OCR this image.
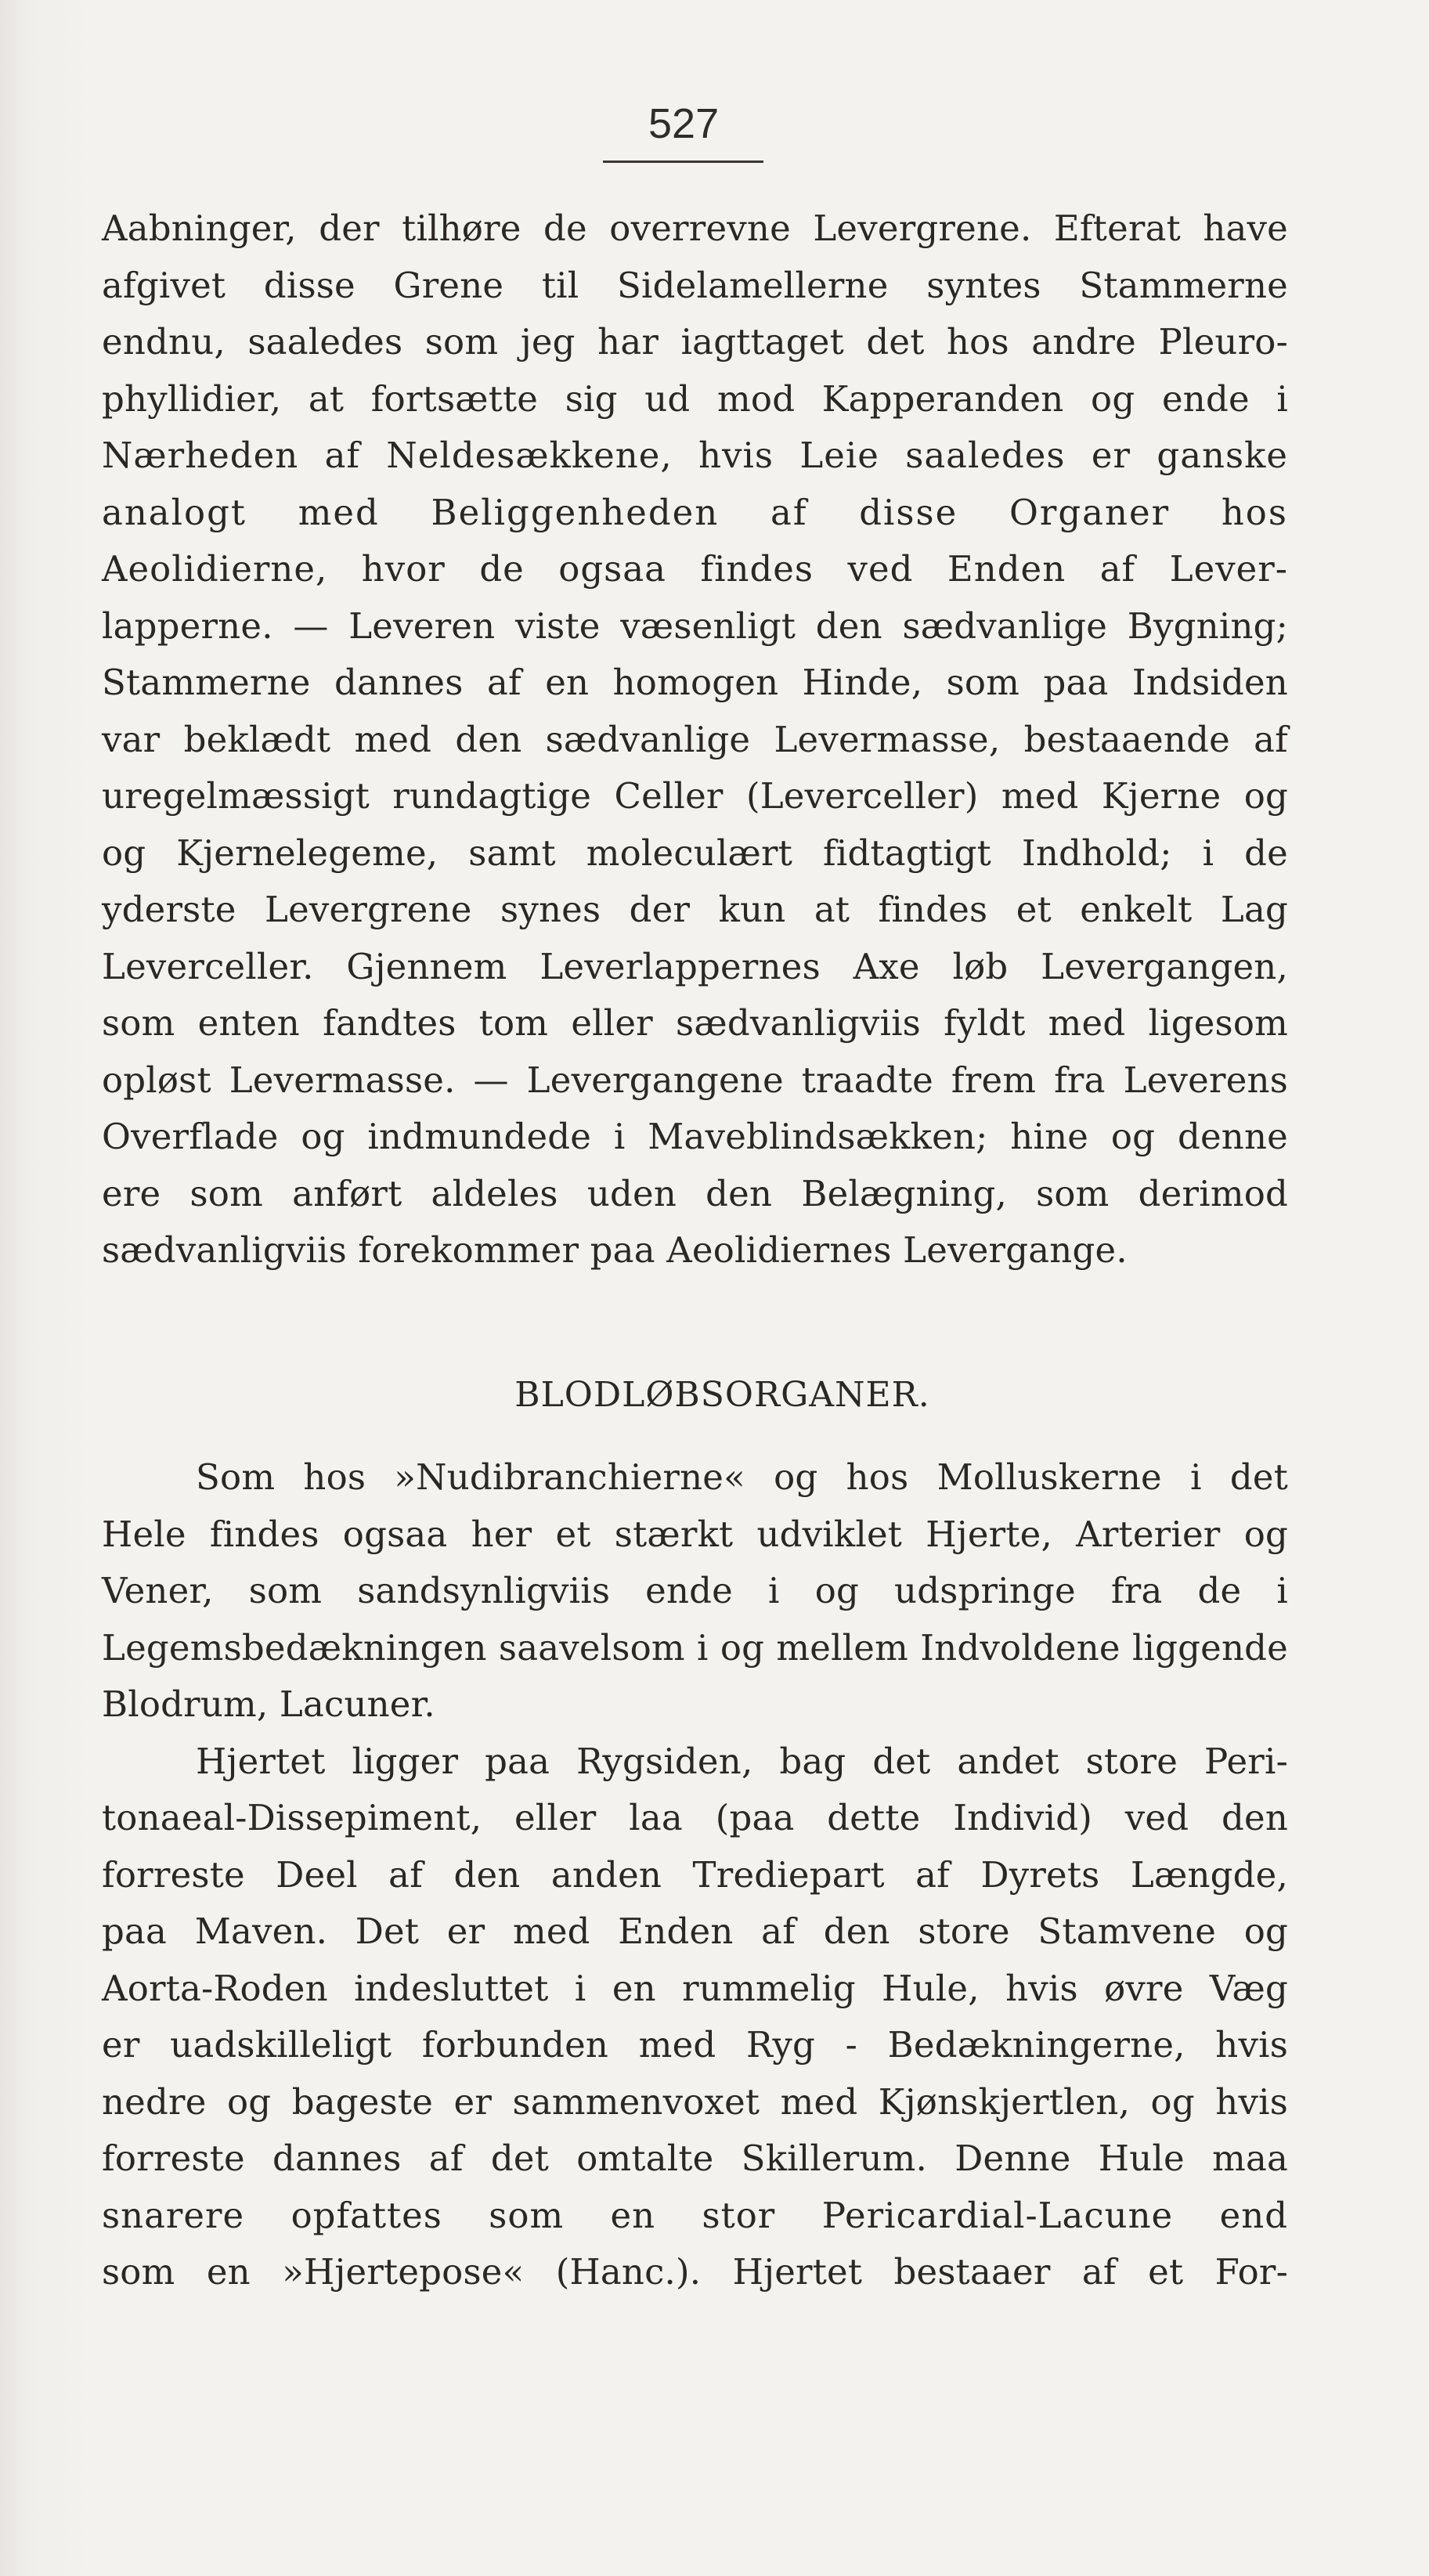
527
Aabninger, der tilhøre de overrevne Levergrene. Efterat have
afgivet disse Grene til Sidelamellerne syntes Stammerne
endnu, saaledes som jeg har iagttaget det hos andre Pleuro-
phyllidier, at fortsætte sig ud mod Kapperanden og ende i
Nærheden af Neldesækkene, hvis Leie saaledes er ganske
analogt med Beliggenheden af disse Organer hos
Aeolidierne, hvor de ogsaa findes ved Enden af Lever-
lapperne. — Leveren viste væsenligt den sædvanlige Bygning;
Stammerne dannes af en homogen Hinde, som paa Indsiden
var beklædt med den sædvanlige Levermasse, bestaaende af
uregelmæssigt rundagtige Celler (Leverceller) med Kjerne og
og Kjernelegeme, samt moleculært fidtagtigt Indhold; i de
yderste Levergrene synes der kun at findes et enkelt Lag
Leverceller. Gjennem Leverlappernes Axe løb Levergangen,
som enten fandtes tom eller sædvanligviis fyldt med ligesom
opløst Levermasse. — Levergangene traadte frem fra Leverens
Overflade og indmundede i Maveblindsækken; hine og denne
ere som anført aldeles uden den Belægning, som derimod
sædvanligviis forekommer paa Aeolidiernes Levergange.
BLODLØBSORGANER.
Som hos »Nudibranchierne« og hos Molluskerne i det
Hele findes ogsaa her et stærkt udviklet Hjerte, Arterier og
Vener, som sandsynligviis ende i og udspringe fra de i
Legemsbedækningen saavelsom i og mellem Indvoldene liggende
Blodrum, Lacuner.
Hjertet ligger paa Rygsiden, bag det andet store Peri-
tonaeal-Dissepiment, eller laa (paa dette Individ) ved den
forreste Deel af den anden Trediepart af Dyrets Længde,
paa Maven. Det er med Enden af den store Stamvene og
Aorta-Roden indesluttet i en rummelig Hule, hvis øvre Væg
er uadskilleligt forbunden med Ryg - Bedækningerne, hvis
nedre og bageste er sammenvoxet med Kjønskjertlen, og hvis
forreste dannes af det omtalte Skillerum. Denne Hule maa
snarere opfattes som en stor Pericardial-Lacune end
som en »Hjertepose« (Hanc.). Hjertet bestaaer af et For-
